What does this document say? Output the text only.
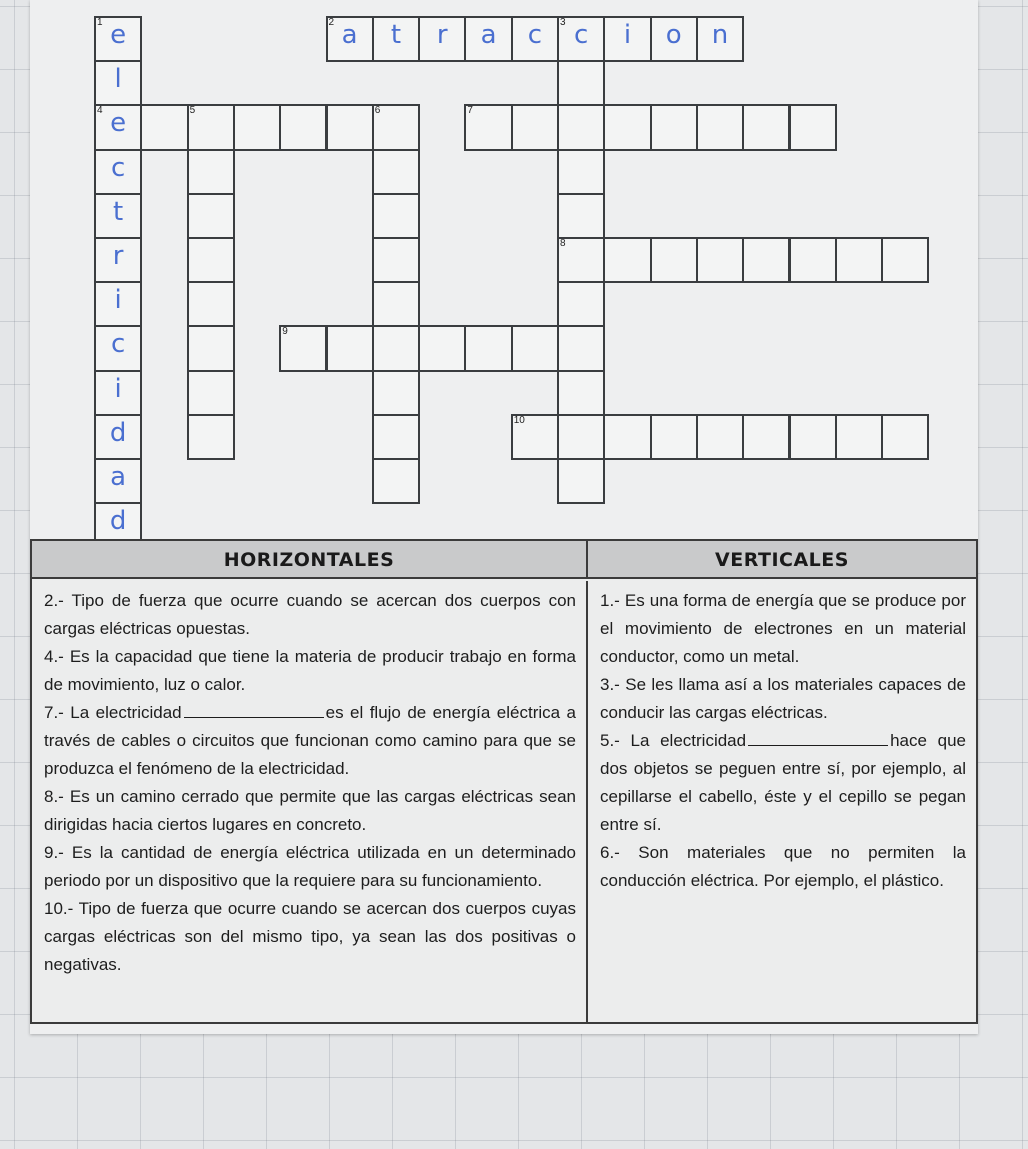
1 e	2 a	t	r	a	c	3 c	i	o	n
l
4 e	5	6	7
c
t
r	8
i
c	9
i
d	10
a
d
HORIZONTALES	VERTICALES

2.- Tipo de fuerza que ocurre cuando se acercan dos cuerpos con cargas eléctricas opuestas.

4.- Es la capacidad que tiene la materia de producir trabajo en forma de movimiento, luz o calor.

7.- La electricidad	es el flujo de energía eléctrica a través de cables o circuitos que funcionan como camino para que se produzca el fenómeno de la electricidad.

8.- Es un camino cerrado que permite que las cargas eléctricas sean dirigidas hacia ciertos lugares en concreto.

9.- Es la cantidad de energía eléctrica utilizada en un determinado periodo por un dispositivo que la requiere para su funcionamiento.

10.- Tipo de fuerza que ocurre cuando se acercan dos cuerpos cuyas cargas eléctricas son del mismo tipo, ya sean las dos positivas o negativas.

1.- Es una forma de energía que se produce por el movimiento de electrones en un material conductor, como un metal.

3.- Se les llama así a los materiales capaces de conducir las cargas eléctricas.

5.- La electricidad	hace que dos objetos se peguen entre sí, por ejemplo, al cepillarse el cabello, éste y el cepillo se pegan entre sí.

6.- Son materiales que no permiten la conducción eléctrica. Por ejemplo, el plástico.
